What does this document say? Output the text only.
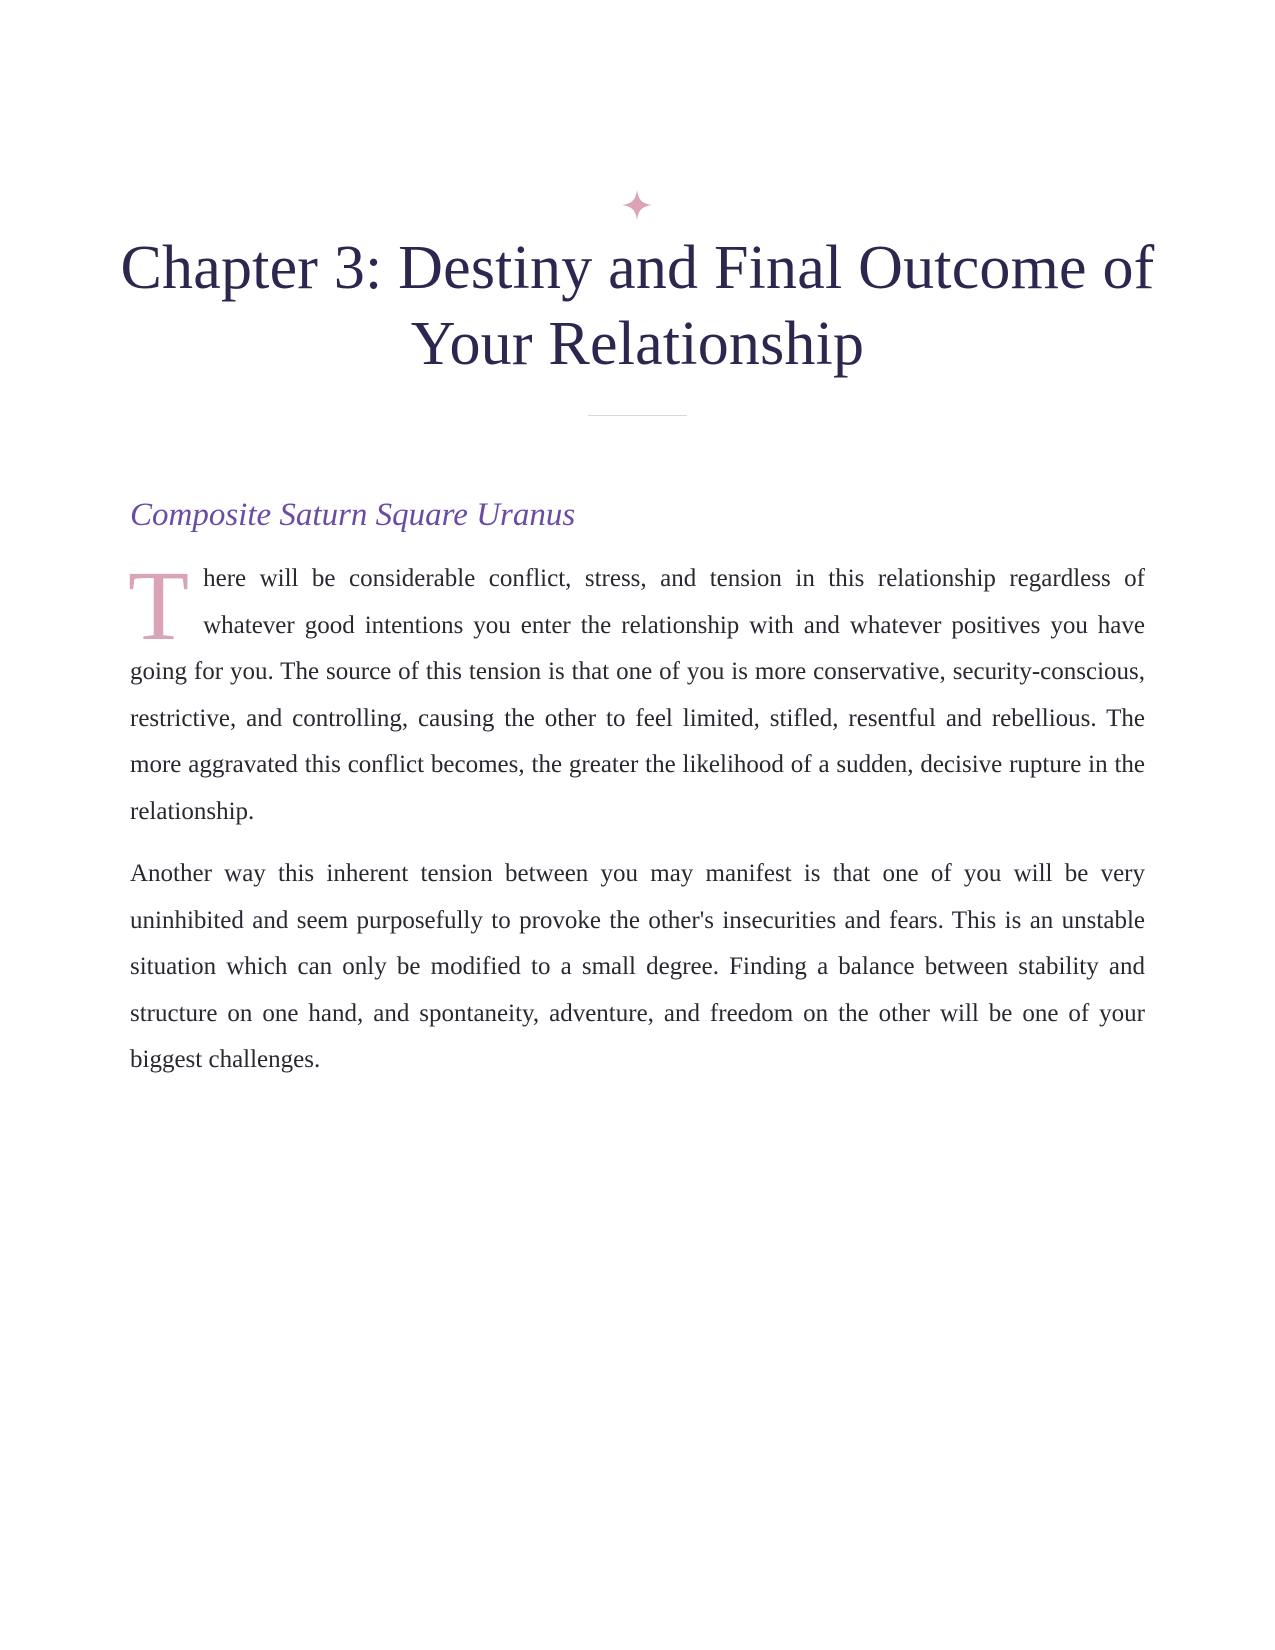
Chapter 3: Destiny and Final Outcome of Your Relationship
Composite Saturn Square Uranus

There will be considerable conflict, stress, and tension in this relationship regardless of whatever good intentions you enter the relationship with and whatever positives you have going for you. The source of this tension is that one of you is more conservative, security-conscious, restrictive, and controlling, causing the other to feel limited, stifled, resentful and rebellious. The more aggravated this conflict becomes, the greater the likelihood of a sudden, decisive rupture in the relationship.

Another way this inherent tension between you may manifest is that one of you will be very uninhibited and seem purposefully to provoke the other's insecurities and fears. This is an unstable situation which can only be modified to a small degree. Finding a balance between stability and structure on one hand, and spontaneity, adventure, and freedom on the other will be one of your biggest challenges.
